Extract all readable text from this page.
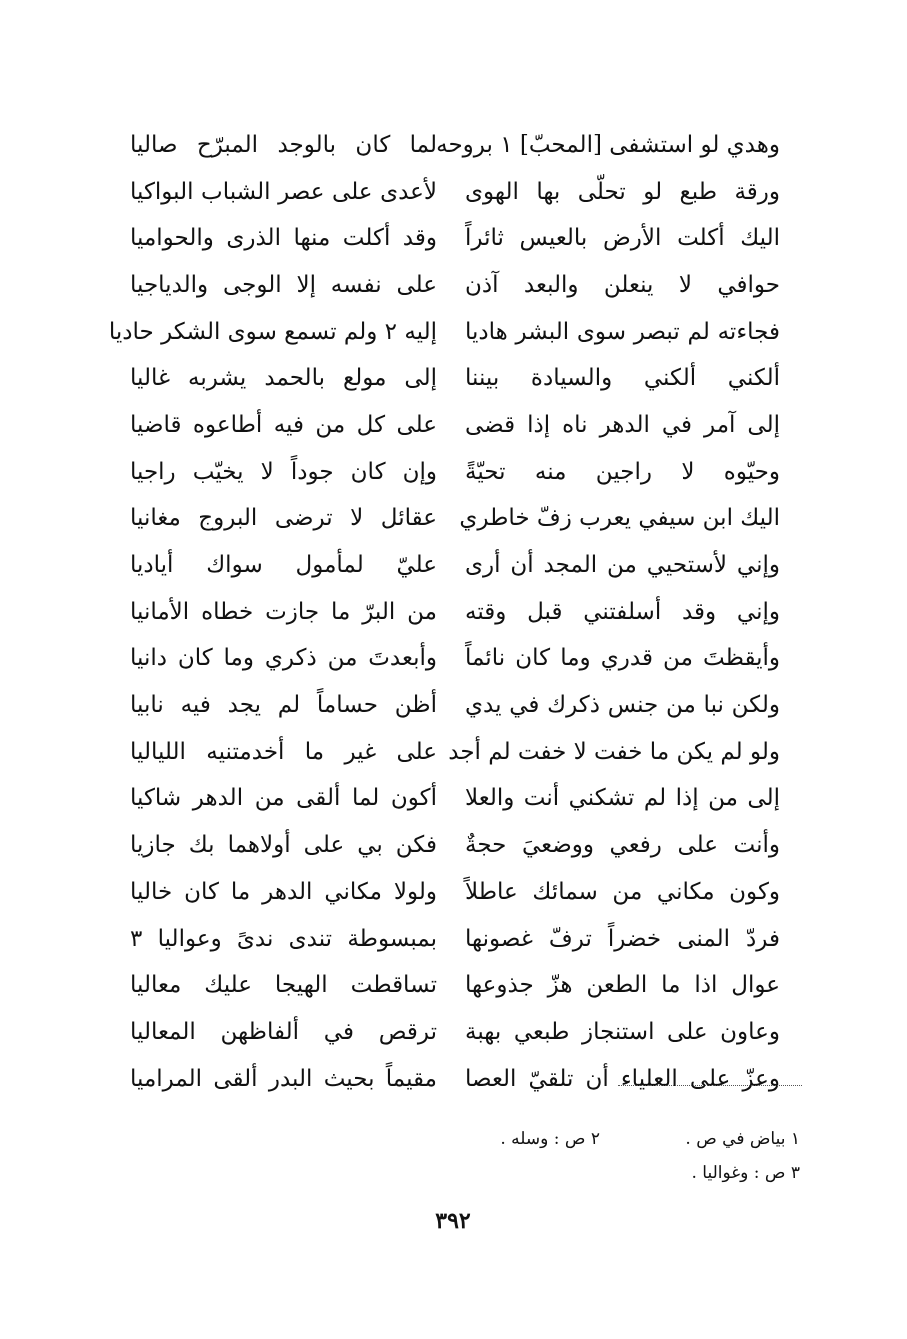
وهدي لو استشفى [المحبّ] ١ بروحه
لما كان بالوجد المبرّح صاليا
ورقة طبع لو تحلّى بها الهوى
لأعدى على عصر الشباب البواكيا
اليك أكلت الأرض بالعيس ثائراً
وقد أكلت منها الذرى والحواميا
حوافي لا ينعلن والبعد آذن
على نفسه إلا الوجى والدياجيا
فجاءته لم تبصر سوى البشر هاديا
إليه ٢ ولم تسمع سوى الشكر حاديا
ألكني ألكني والسيادة بيننا
إلى مولع بالحمد يشربه غاليا
إلى آمر في الدهر ناه إذا قضى
على كل من فيه أطاعوه قاضيا
وحيّوه لا راجين منه تحيّةً
وإن كان جوداً لا يخيّب راجيا
اليك ابن سيفي يعرب زفّ خاطري
عقائل لا ترضى البروج مغانيا
وإني لأستحيي من المجد أن أرى
عليّ لمأمول سواك أياديا
وإني وقد أسلفتني قبل وقته
من البرّ ما جازت خطاه الأمانيا
وأيقظتَ من قدري وما كان نائماً
وأبعدتَ من ذكري وما كان دانيا
ولكن نبا من جنس ذكرك في يدي
أظن حساماً لم يجد فيه نابيا
ولو لم يكن ما خفت لا خفت لم أجد
على غير ما أخدمتنيه اللياليا
إلى من إذا لم تشكني أنت والعلا
أكون لما ألقى من الدهر شاكيا
وأنت على رفعي ووضعيَ حجةٌ
فكن بي على أولاهما بك جازيا
وكون مكاني من سمائك عاطلاً
ولولا مكاني الدهر ما كان خاليا
فردّ المنى خضراً ترفّ غصونها
بمبسوطة تندى ندىً وعواليا ٣
عوال اذا ما الطعن هزّ جذوعها
تساقطت الهيجا عليك معاليا
وعاون على استنجاز طبعي بهبة
ترقص في ألفاظهن المعاليا
وعزّ على العلياء أن تلقيّ العصا
مقيماً بحيث البدر ألقى المراميا
١ بياض في ص .
٢ ص : وسله .
٣ ص : وغواليا .
٣٩٢
